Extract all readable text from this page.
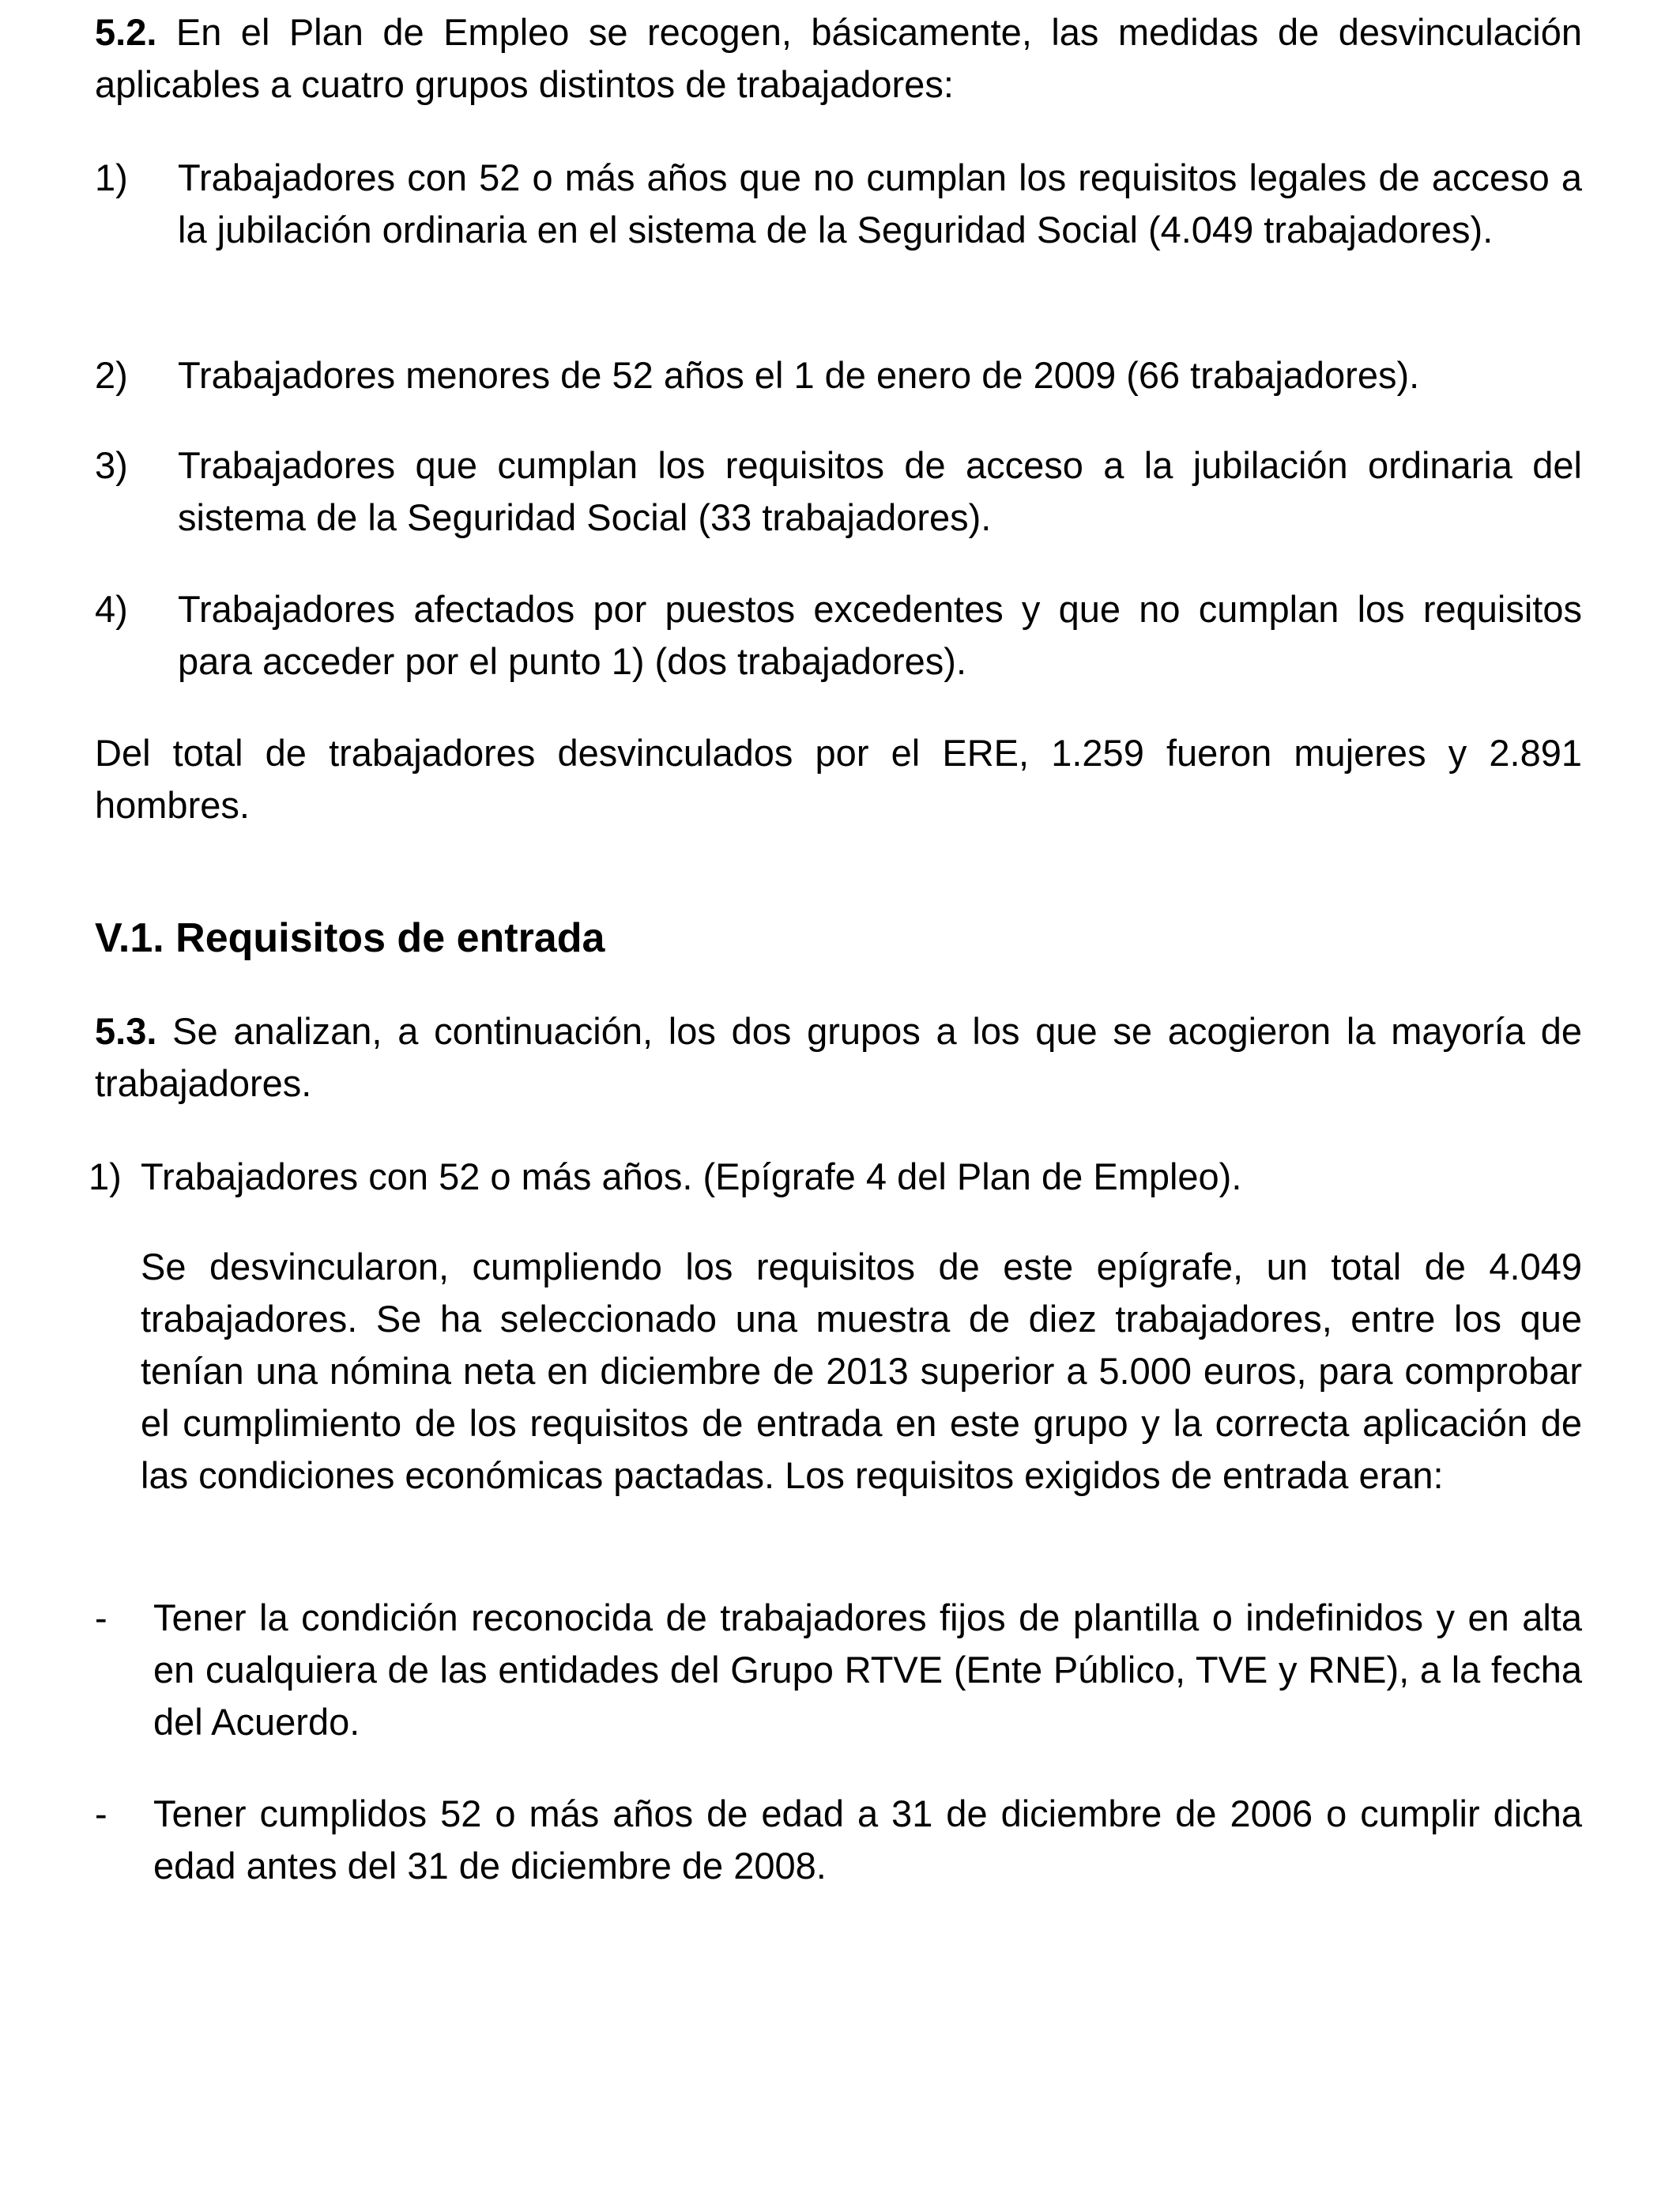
5.2. En el Plan de Empleo se recogen, básicamente, las medidas de desvinculación aplicables a cuatro grupos distintos de trabajadores:

1) Trabajadores con 52 o más años que no cumplan los requisitos legales de acceso a la jubilación ordinaria en el sistema de la Seguridad Social (4.049 trabajadores).
2) Trabajadores menores de 52 años el 1 de enero de 2009 (66 trabajadores).
3) Trabajadores que cumplan los requisitos de acceso a la jubilación ordinaria del sistema de la Seguridad Social (33 trabajadores).
4) Trabajadores afectados por puestos excedentes y que no cumplan los requisitos para acceder por el punto 1) (dos trabajadores).

Del total de trabajadores desvinculados por el ERE, 1.259 fueron mujeres y 2.891 hombres.

V.1. Requisitos de entrada

5.3. Se analizan, a continuación, los dos grupos a los que se acogieron la mayoría de trabajadores.

1) Trabajadores con 52 o más años. (Epígrafe 4 del Plan de Empleo).

Se desvincularon, cumpliendo los requisitos de este epígrafe, un total de 4.049 trabajadores. Se ha seleccionado una muestra de diez trabajadores, entre los que tenían una nómina neta en diciembre de 2013 superior a 5.000 euros, para comprobar el cumplimiento de los requisitos de entrada en este grupo y la correcta aplicación de las condiciones económicas pactadas. Los requisitos exigidos de entrada eran:

- Tener la condición reconocida de trabajadores fijos de plantilla o indefinidos y en alta en cualquiera de las entidades del Grupo RTVE (Ente Público, TVE y RNE), a la fecha del Acuerdo.
- Tener cumplidos 52 o más años de edad a 31 de diciembre de 2006 o cumplir dicha edad antes del 31 de diciembre de 2008.
